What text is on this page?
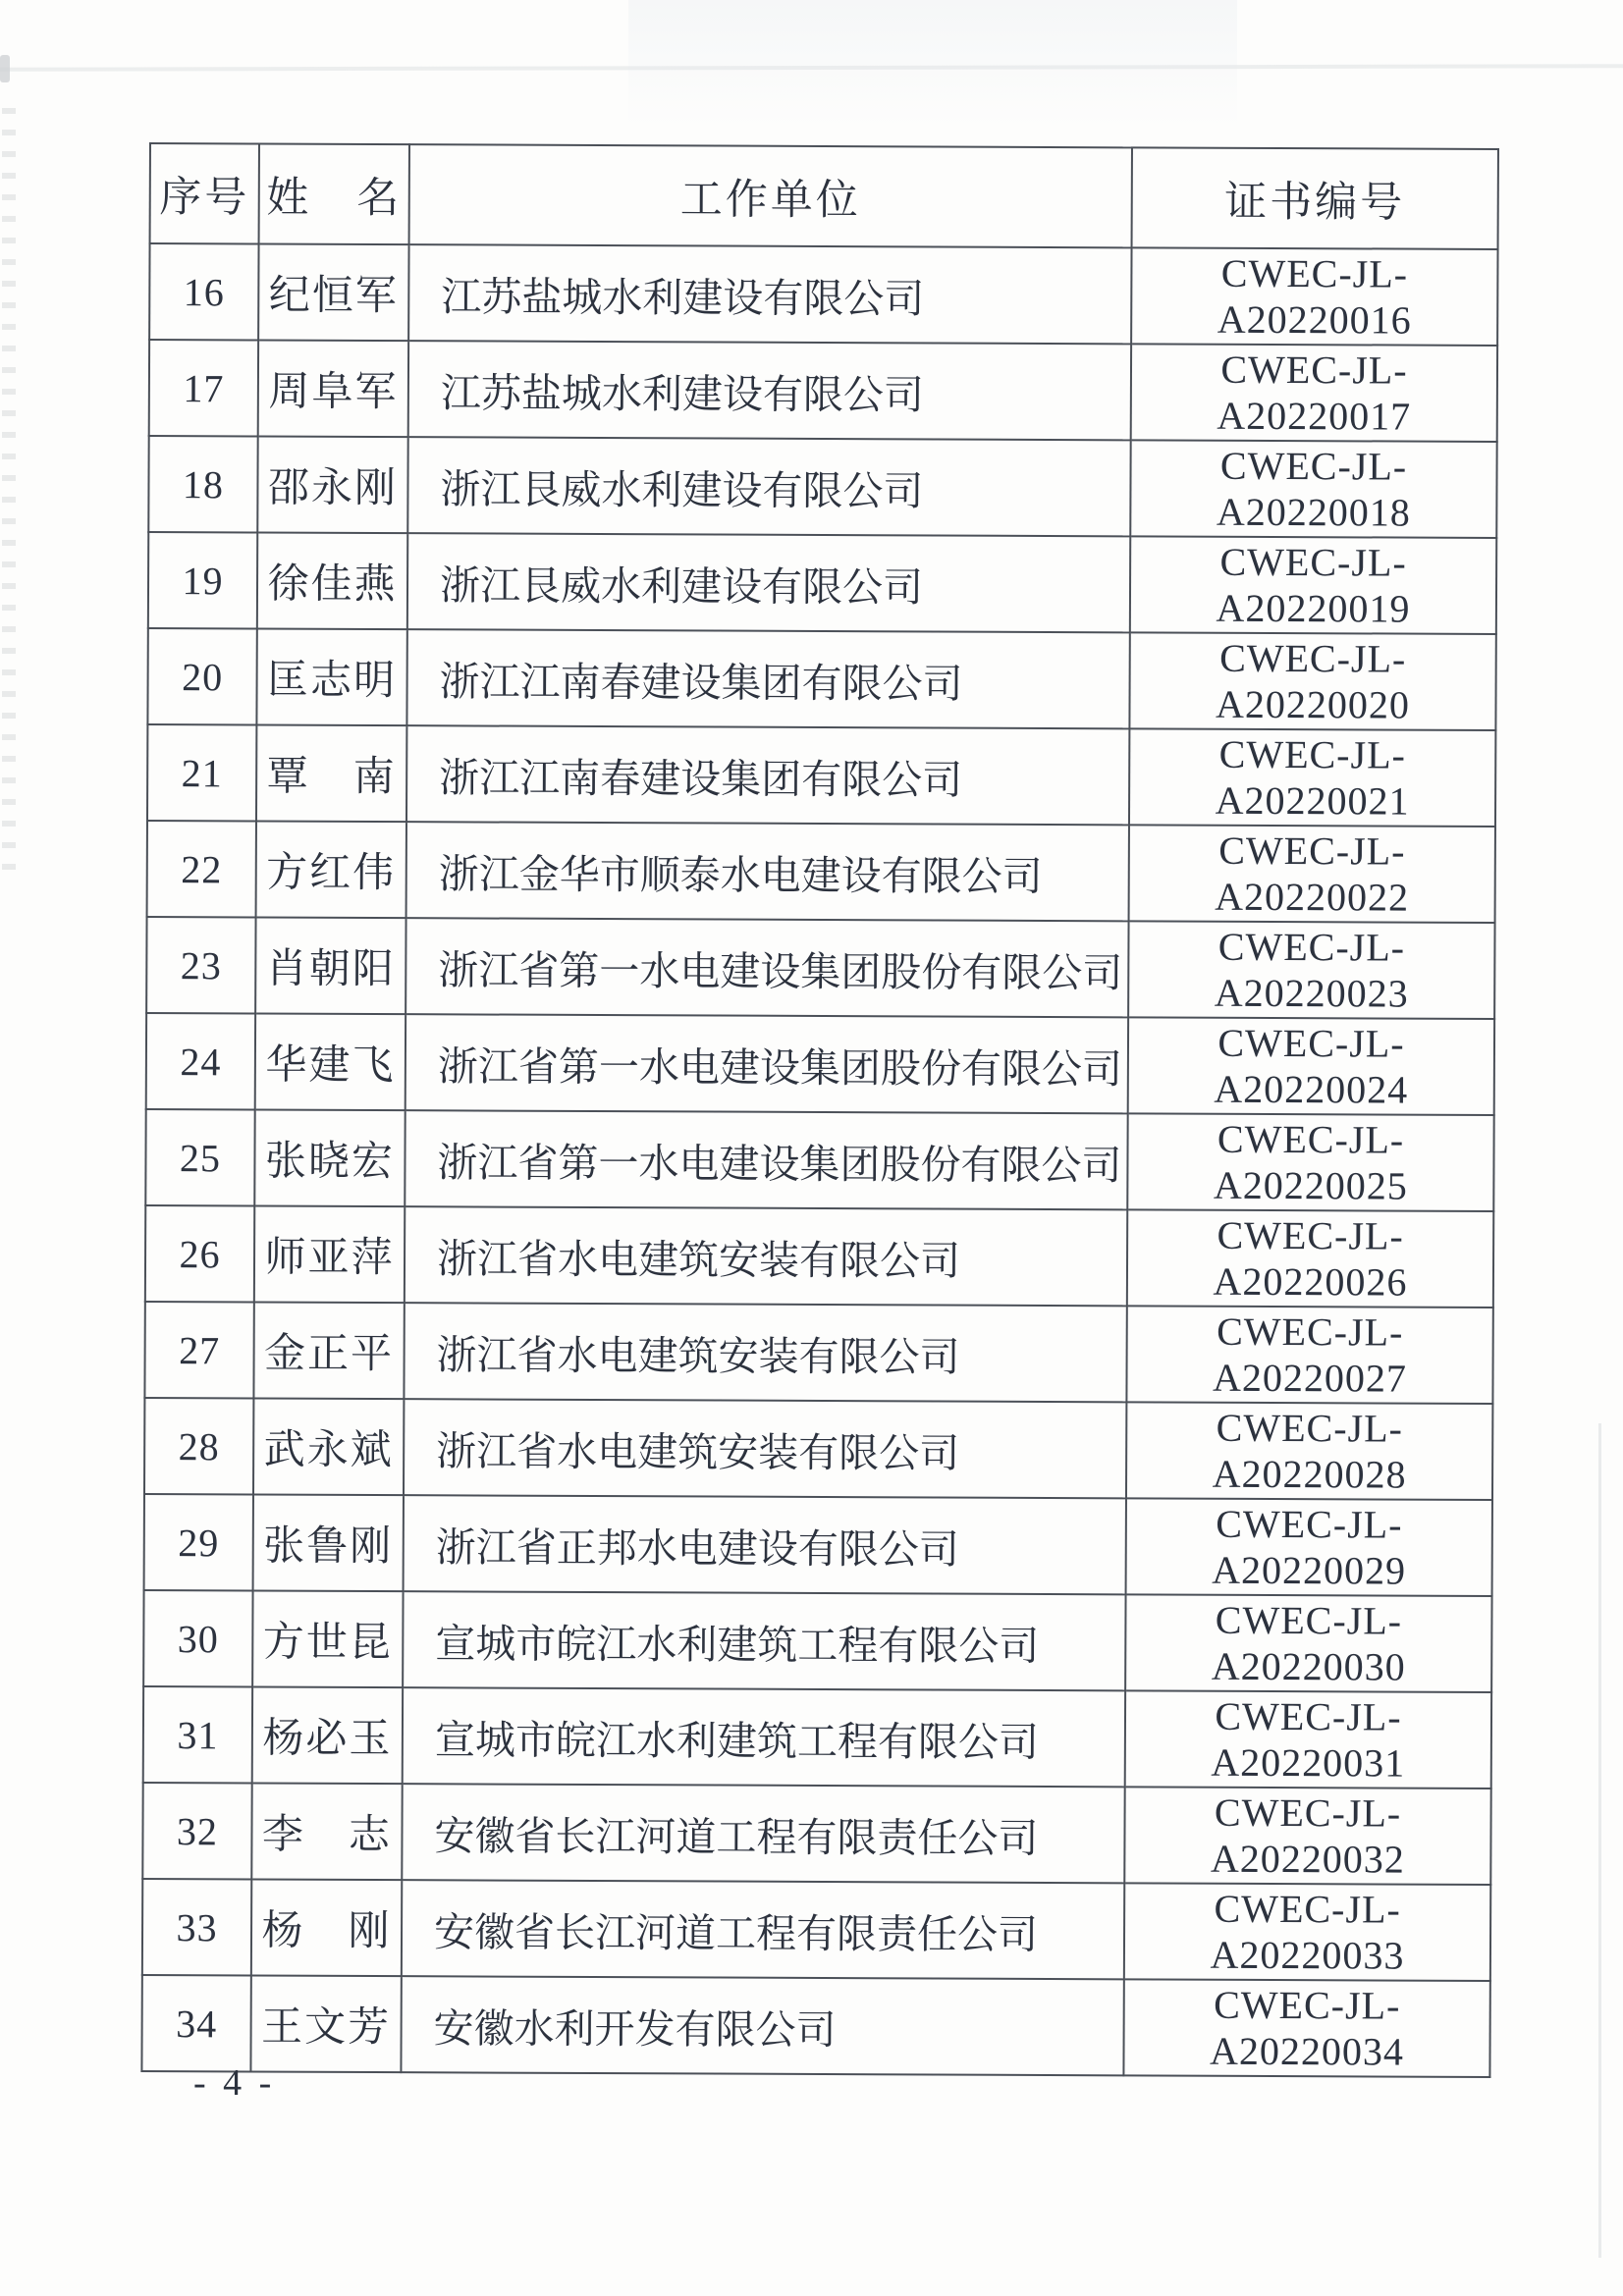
序号	姓　名	工作单位	证书编号
16	纪恒军	江苏盐城水利建设有限公司	CWEC-JL-A20220016
17	周阜军	江苏盐城水利建设有限公司	CWEC-JL-A20220017
18	邵永刚	浙江艮威水利建设有限公司	CWEC-JL-A20220018
19	徐佳燕	浙江艮威水利建设有限公司	CWEC-JL-A20220019
20	匡志明	浙江江南春建设集团有限公司	CWEC-JL-A20220020
21	覃　南	浙江江南春建设集团有限公司	CWEC-JL-A20220021
22	方红伟	浙江金华市顺泰水电建设有限公司	CWEC-JL-A20220022
23	肖朝阳	浙江省第一水电建设集团股份有限公司	CWEC-JL-A20220023
24	华建飞	浙江省第一水电建设集团股份有限公司	CWEC-JL-A20220024
25	张晓宏	浙江省第一水电建设集团股份有限公司	CWEC-JL-A20220025
26	师亚萍	浙江省水电建筑安装有限公司	CWEC-JL-A20220026
27	金正平	浙江省水电建筑安装有限公司	CWEC-JL-A20220027
28	武永斌	浙江省水电建筑安装有限公司	CWEC-JL-A20220028
29	张鲁刚	浙江省正邦水电建设有限公司	CWEC-JL-A20220029
30	方世昆	宣城市皖江水利建筑工程有限公司	CWEC-JL-A20220030
31	杨必玉	宣城市皖江水利建筑工程有限公司	CWEC-JL-A20220031
32	李　志	安徽省长江河道工程有限责任公司	CWEC-JL-A20220032
33	杨　刚	安徽省长江河道工程有限责任公司	CWEC-JL-A20220033
34	王文芳	安徽水利开发有限公司	CWEC-JL-A20220034
- 4 -
